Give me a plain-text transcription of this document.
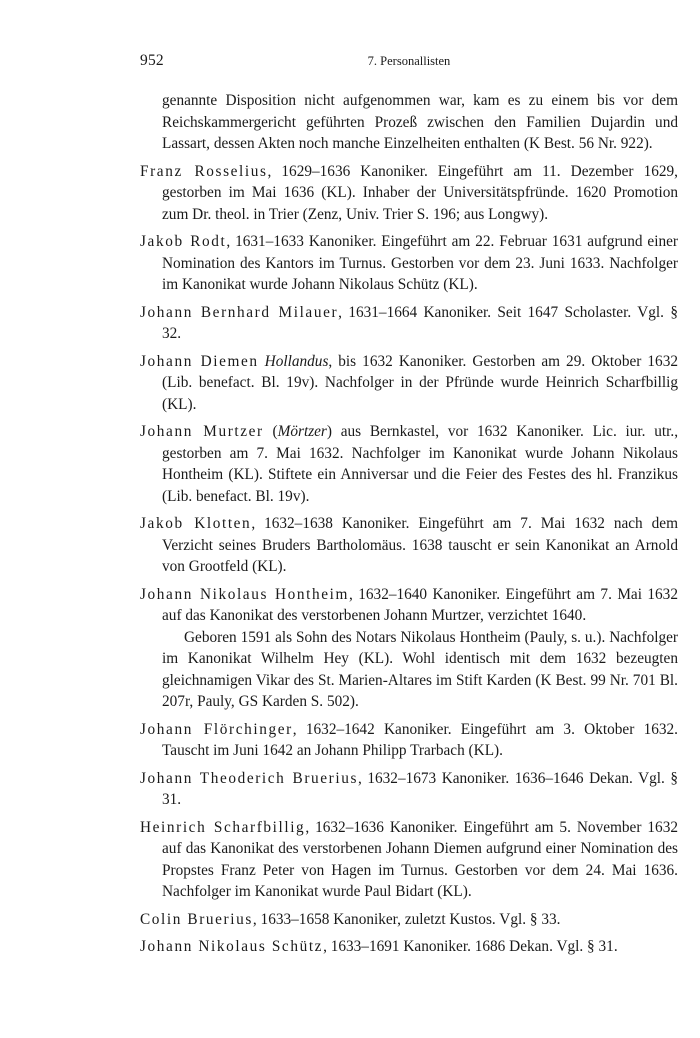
952	7. Personallisten

genannte Disposition nicht aufgenommen war, kam es zu einem bis vor dem Reichskammergericht geführten Prozeß zwischen den Familien Dujardin und Lassart, dessen Akten noch manche Einzelheiten enthalten (K Best. 56 Nr. 922).

Franz Rosselius, 1629–1636 Kanoniker. Eingeführt am 11. Dezember 1629, gestorben im Mai 1636 (KL). Inhaber der Universitätspfründe. 1620 Promotion zum Dr. theol. in Trier (Zenz, Univ. Trier S. 196; aus Longwy).

Jakob Rodt, 1631–1633 Kanoniker. Eingeführt am 22. Februar 1631 aufgrund einer Nomination des Kantors im Turnus. Gestorben vor dem 23. Juni 1633. Nachfolger im Kanonikat wurde Johann Nikolaus Schütz (KL).

Johann Bernhard Milauer, 1631–1664 Kanoniker. Seit 1647 Scholaster. Vgl. § 32.

Johann Diemen Hollandus, bis 1632 Kanoniker. Gestorben am 29. Oktober 1632 (Lib. benefact. Bl. 19v). Nachfolger in der Pfründe wurde Heinrich Scharfbillig (KL).

Johann Murtzer (Mörtzer) aus Bernkastel, vor 1632 Kanoniker. Lic. iur. utr., gestorben am 7. Mai 1632. Nachfolger im Kanonikat wurde Johann Nikolaus Hontheim (KL). Stiftete ein Anniversar und die Feier des Festes des hl. Franzikus (Lib. benefact. Bl. 19v).

Jakob Klotten, 1632–1638 Kanoniker. Eingeführt am 7. Mai 1632 nach dem Verzicht seines Bruders Bartholomäus. 1638 tauscht er sein Kanonikat an Arnold von Grootfeld (KL).

Johann Nikolaus Hontheim, 1632–1640 Kanoniker. Eingeführt am 7. Mai 1632 auf das Kanonikat des verstorbenen Johann Murtzer, verzichtet 1640.
Geboren 1591 als Sohn des Notars Nikolaus Hontheim (Pauly, s. u.). Nachfolger im Kanonikat Wilhelm Hey (KL). Wohl identisch mit dem 1632 bezeugten gleichnamigen Vikar des St. Marien-Altares im Stift Karden (K Best. 99 Nr. 701 Bl. 207r, Pauly, GS Karden S. 502).

Johann Flörchinger, 1632–1642 Kanoniker. Eingeführt am 3. Oktober 1632. Tauscht im Juni 1642 an Johann Philipp Trarbach (KL).

Johann Theoderich Bruerius, 1632–1673 Kanoniker. 1636–1646 Dekan. Vgl. § 31.

Heinrich Scharfbillig, 1632–1636 Kanoniker. Eingeführt am 5. November 1632 auf das Kanonikat des verstorbenen Johann Diemen aufgrund einer Nomination des Propstes Franz Peter von Hagen im Turnus. Gestorben vor dem 24. Mai 1636. Nachfolger im Kanonikat wurde Paul Bidart (KL).

Colin Bruerius, 1633–1658 Kanoniker, zuletzt Kustos. Vgl. § 33.

Johann Nikolaus Schütz, 1633–1691 Kanoniker. 1686 Dekan. Vgl. § 31.
